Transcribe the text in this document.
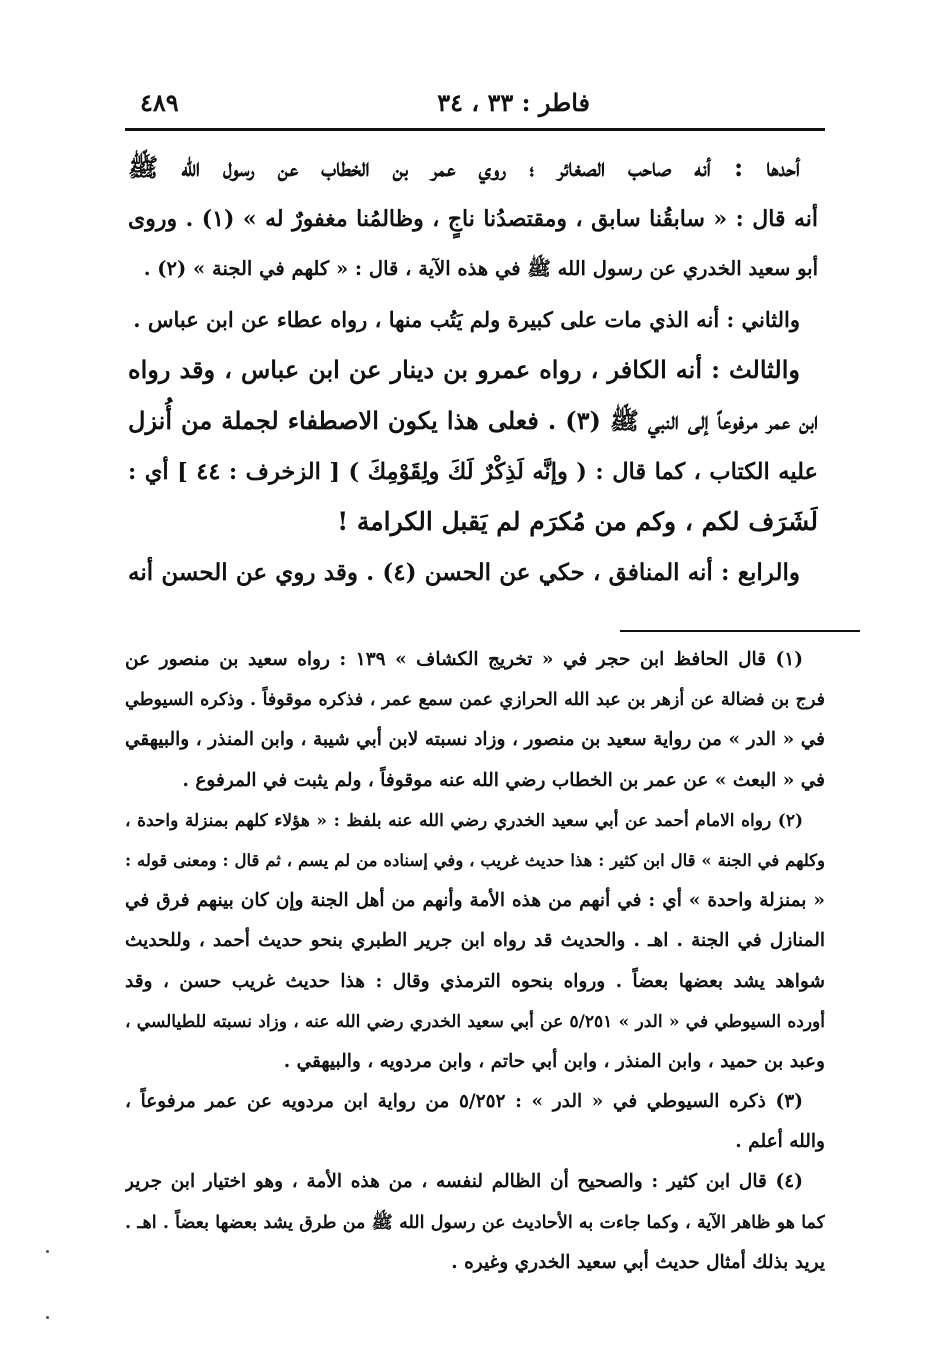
فاطر : ٣٣ ، ٣٤
٤٨٩
أحدها : أنه صاحب الصغائر ؛ روي عمر بن الخطاب عن رسول الله ﷺ
أنه قال : « سابقُنا سابق ، ومقتصدُنا ناجٍ ، وظالمُنا مغفورٌ له » (١) . وروى
أبو سعيد الخدري عن رسول الله ﷺ في هذه الآية ، قال : « كلهم في الجنة » (٢) .
والثاني : أنه الذي مات على كبيرة ولم يَتُب منها ، رواه عطاء عن ابن عباس .
والثالث : أنه الكافر ، رواه عمرو بن دينار عن ابن عباس ، وقد رواه
ابن عمر مرفوعاً إلى النبي ﷺ (٣) . فعلى هذا يكون الاصطفاء لجملة من أُنزل
عليه الكتاب ، كما قال : ( وإنَّه لَذِكْرٌ لَكَ ولِقَوْمِكَ ) [ الزخرف : ٤٤ ] أي :
لَشَرَف لكم ، وكم من مُكرَم لم يَقبل الكرامة !
والرابع : أنه المنافق ، حكي عن الحسن (٤) . وقد روي عن الحسن أنه
(١) قال الحافظ ابن حجر في « تخريج الكشاف » ١٣٩ : رواه سعيد بن منصور عن
فرج بن فضالة عن أزهر بن عبد الله الحرازي عمن سمع عمر ، فذكره موقوفاً . وذكره السيوطي
في « الدر » من رواية سعيد بن منصور ، وزاد نسبته لابن أبي شيبة ، وابن المنذر ، والبيهقي
في « البعث » عن عمر بن الخطاب رضي الله عنه موقوفاً ، ولم يثبت في المرفوع .
(٢) رواه الامام أحمد عن أبي سعيد الخدري رضي الله عنه بلفظ : « هؤلاء كلهم بمنزلة واحدة ،
وكلهم في الجنة » قال ابن كثير : هذا حديث غريب ، وفي إسناده من لم يسم ، ثم قال : ومعنى قوله :
« بمنزلة واحدة » أي : في أنهم من هذه الأمة وأنهم من أهل الجنة وإن كان بينهم فرق في
المنازل في الجنة . اهـ . والحديث قد رواه ابن جرير الطبري بنحو حديث أحمد ، وللحديث
شواهد يشد بعضها بعضاً . ورواه بنحوه الترمذي وقال : هذا حديث غريب حسن ، وقد
أورده السيوطي في « الدر » ٥/٢٥١ عن أبي سعيد الخدري رضي الله عنه ، وزاد نسبته للطيالسي ،
وعبد بن حميد ، وابن المنذر ، وابن أبي حاتم ، وابن مردويه ، والبيهقي .
(٣) ذكره السيوطي في « الدر » : ٥/٢٥٢ من رواية ابن مردويه عن عمر مرفوعاً ،
والله أعلم .
(٤) قال ابن كثير : والصحيح أن الظالم لنفسه ، من هذه الأمة ، وهو اختيار ابن جرير
كما هو ظاهر الآية ، وكما جاءت به الأحاديث عن رسول الله ﷺ من طرق يشد بعضها بعضاً . اهـ .
يريد بذلك أمثال حديث أبي سعيد الخدري وغيره .
